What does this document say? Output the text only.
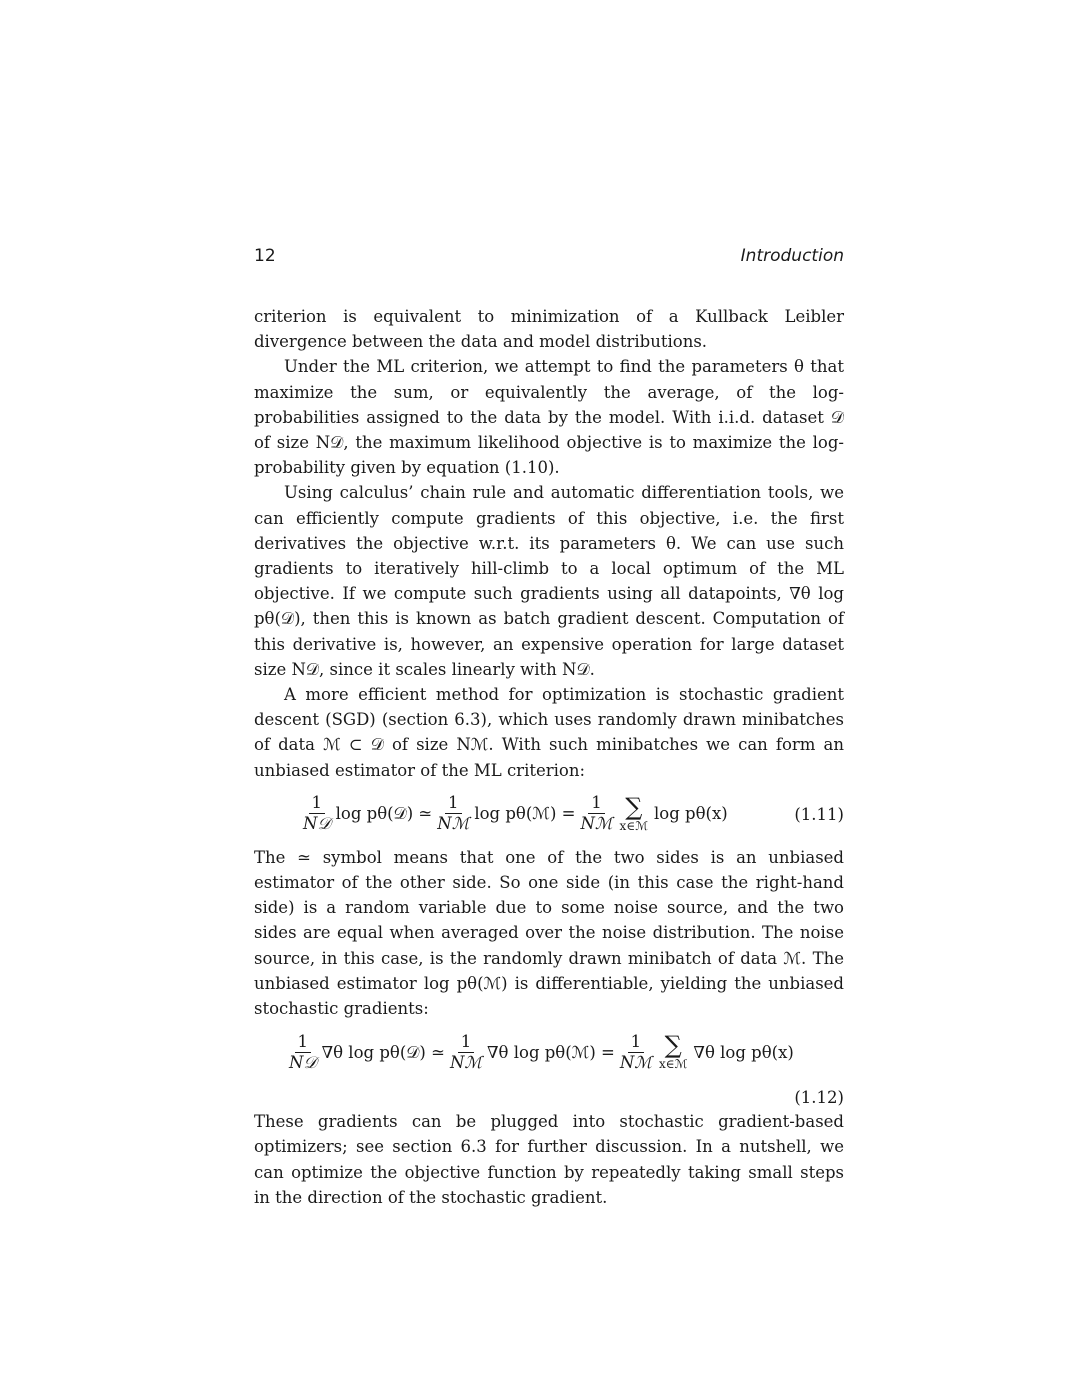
12	Introduction

criterion is equivalent to minimization of a Kullback Leibler divergence between the data and model distributions.

Under the ML criterion, we attempt to find the parameters θ that maximize the sum, or equivalently the average, of the log-probabilities assigned to the data by the model. With i.i.d. dataset 𝒟 of size N𝒟, the maximum likelihood objective is to maximize the log-probability given by equation (1.10).

Using calculus’ chain rule and automatic differentiation tools, we can efficiently compute gradients of this objective, i.e. the first derivatives the objective w.r.t. its parameters θ. We can use such gradients to iteratively hill-climb to a local optimum of the ML objective. If we compute such gradients using all datapoints, ∇θ log pθ(𝒟), then this is known as batch gradient descent. Computation of this derivative is, however, an expensive operation for large dataset size N𝒟, since it scales linearly with N𝒟.

A more efficient method for optimization is stochastic gradient descent (SGD) (section 6.3), which uses randomly drawn minibatches of data ℳ ⊂ 𝒟 of size Nℳ. With such minibatches we can form an unbiased estimator of the ML criterion:

$\frac{1}{\text{N𝒟}}$ log pθ(𝒟) ≃ $\frac{1}{\text{Nℳ}}$ log pθ(ℳ) = $\frac{1}{\text{Nℳ}}$ ∑
x∈ℳ
log pθ(x)	(1.11)

The ≃ symbol means that one of the two sides is an unbiased estimator of the other side. So one side (in this case the right-hand side) is a random variable due to some noise source, and the two sides are equal when averaged over the noise distribution. The noise source, in this case, is the randomly drawn minibatch of data ℳ. The unbiased estimator log pθ(ℳ) is differentiable, yielding the unbiased stochastic gradients:

$\frac{1}{\text{N𝒟}} \nabla\theta$ log pθ(𝒟) ≃ $\frac{1}{\text{Nℳ}} \nabla\theta$ log pθ(ℳ) = $\frac{1}{\text{Nℳ}}$ ∑
x∈ℳ
∇θ log pθ(x)
(1.12)

These gradients can be plugged into stochastic gradient-based optimizers; see section 6.3 for further discussion. In a nutshell, we can optimize the objective function by repeatedly taking small steps in the direction of the stochastic gradient.
